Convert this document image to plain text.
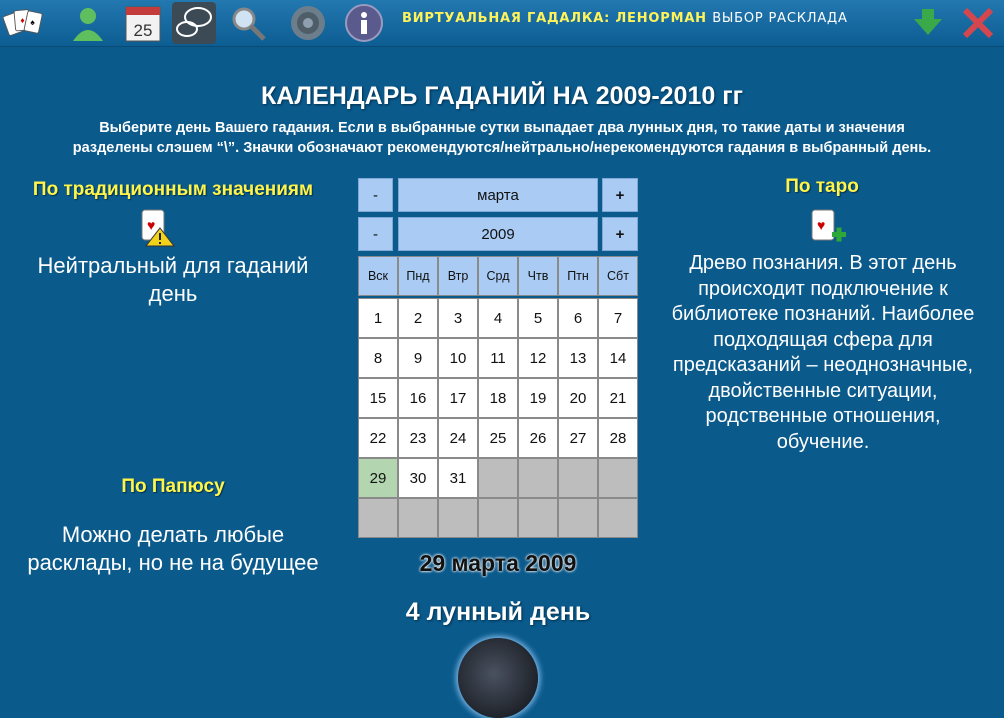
♦ ♠	25
ВИРТУАЛЬНАЯ ГАДАЛКА: ЛЕНОРМАН ВЫБОР РАСКЛАДА
КАЛЕНДАРЬ ГАДАНИЙ НА 2009-2010 гг
Выберите день Вашего гадания. Если в выбранные сутки выпадает два лунных дня, то такие даты и значения
разделены слэшем “\”. Значки обозначают рекомендуются/нейтрально/нерекомендуются гадания в выбранный день.
По традиционным значениям
♥
Нейтральный для гаданий день
По Папюсу
Можно делать любые расклады, но не на будущее
По таро
♥
Древо познания. В этот день происходит подключение к библиотеке познаний. Наиболее подходящая сфера для предсказаний – неоднозначные, двойственные ситуации, родственные отношения, обучение.
-	марта	+
-	2009	+
Вск	Пнд	Втр	Срд	Чтв	Птн	Сбт
1	2	3	4	5	6	7
8	9	10	11	12	13	14
15	16	17	18	19	20	21
22	23	24	25	26	27	28
29	30	31
29 марта 2009
4 лунный день
